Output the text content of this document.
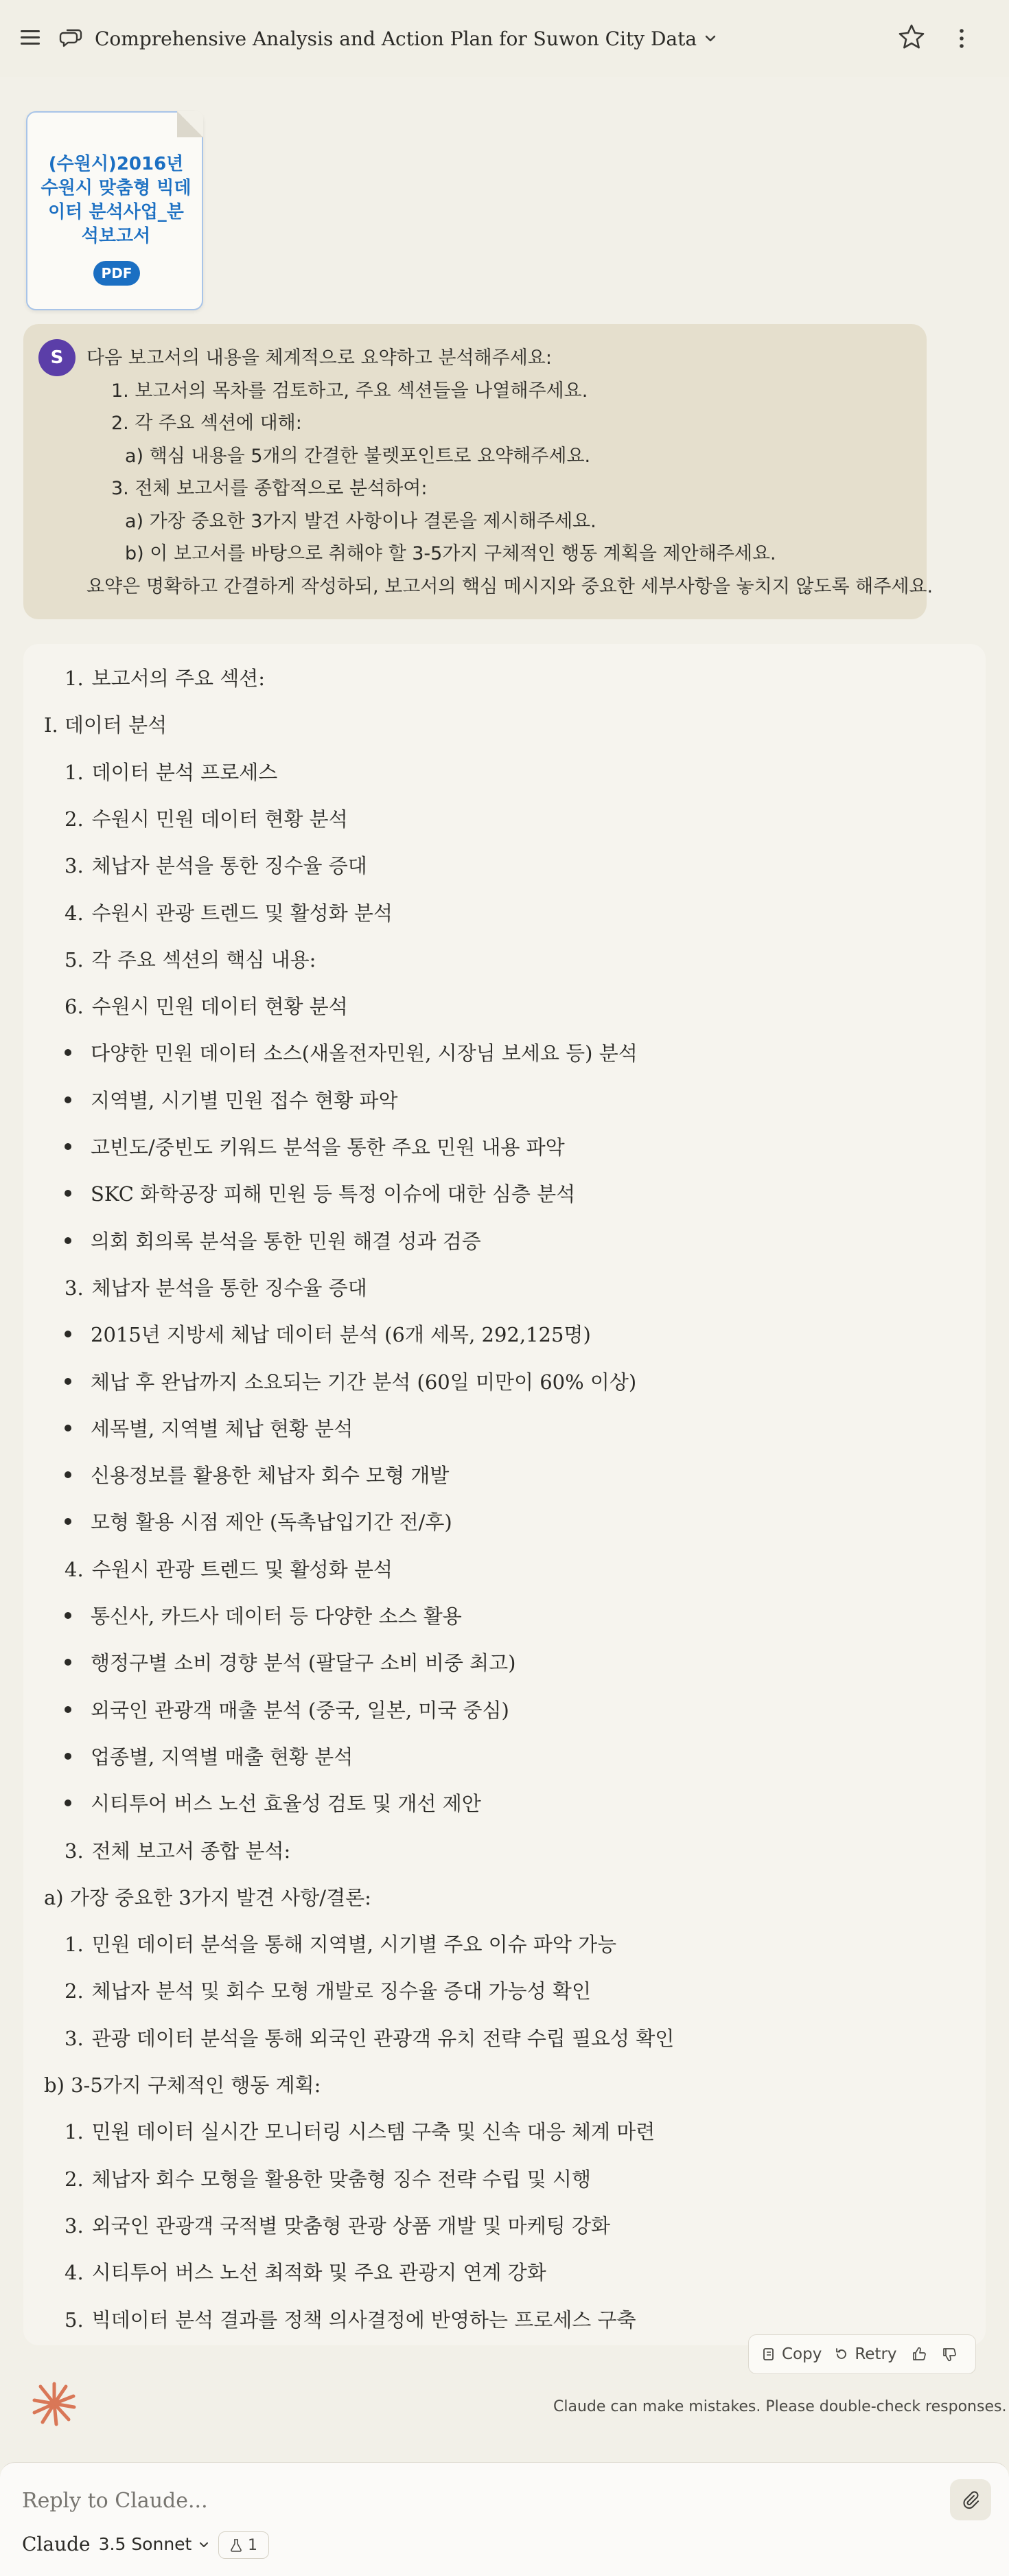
Comprehensive Analysis and Action Plan for Suwon City Data
(수원시)2016년 수원시 맞춤형 빅데이터 분석사업_분석보고서
PDF
S	다음 보고서의 내용을 체계적으로 요약하고 분석해주세요:
1. 보고서의 목차를 검토하고, 주요 섹션들을 나열해주세요.
2. 각 주요 섹션에 대해:
a) 핵심 내용을 5개의 간결한 불렛포인트로 요약해주세요.
3. 전체 보고서를 종합적으로 분석하여:
a) 가장 중요한 3가지 발견 사항이나 결론을 제시해주세요.
b) 이 보고서를 바탕으로 취해야 할 3-5가지 구체적인 행동 계획을 제안해주세요.
요약은 명확하고 간결하게 작성하되, 보고서의 핵심 메시지와 중요한 세부사항을 놓치지 않도록 해주세요.
1. 보고서의 주요 섹션:
I. 데이터 분석
1. 데이터 분석 프로세스
2. 수원시 민원 데이터 현황 분석
3. 체납자 분석을 통한 징수율 증대
4. 수원시 관광 트렌드 및 활성화 분석
5. 각 주요 섹션의 핵심 내용:
6. 수원시 민원 데이터 현황 분석
다양한 민원 데이터 소스(새올전자민원, 시장님 보세요 등) 분석
지역별, 시기별 민원 접수 현황 파악
고빈도/중빈도 키워드 분석을 통한 주요 민원 내용 파악
SKC 화학공장 피해 민원 등 특정 이슈에 대한 심층 분석
의회 회의록 분석을 통한 민원 해결 성과 검증
3. 체납자 분석을 통한 징수율 증대
2015년 지방세 체납 데이터 분석 (6개 세목, 292,125명)
체납 후 완납까지 소요되는 기간 분석 (60일 미만이 60% 이상)
세목별, 지역별 체납 현황 분석
신용정보를 활용한 체납자 회수 모형 개발
모형 활용 시점 제안 (독촉납입기간 전/후)
4. 수원시 관광 트렌드 및 활성화 분석
통신사, 카드사 데이터 등 다양한 소스 활용
행정구별 소비 경향 분석 (팔달구 소비 비중 최고)
외국인 관광객 매출 분석 (중국, 일본, 미국 중심)
업종별, 지역별 매출 현황 분석
시티투어 버스 노선 효율성 검토 및 개선 제안
3. 전체 보고서 종합 분석:
a) 가장 중요한 3가지 발견 사항/결론:
1. 민원 데이터 분석을 통해 지역별, 시기별 주요 이슈 파악 가능
2. 체납자 분석 및 회수 모형 개발로 징수율 증대 가능성 확인
3. 관광 데이터 분석을 통해 외국인 관광객 유치 전략 수립 필요성 확인
b) 3-5가지 구체적인 행동 계획:
1. 민원 데이터 실시간 모니터링 시스템 구축 및 신속 대응 체계 마련
2. 체납자 회수 모형을 활용한 맞춤형 징수 전략 수립 및 시행
3. 외국인 관광객 국적별 맞춤형 관광 상품 개발 및 마케팅 강화
4. 시티투어 버스 노선 최적화 및 주요 관광지 연계 강화
5. 빅데이터 분석 결과를 정책 의사결정에 반영하는 프로세스 구축
Copy Retry
Claude can make mistakes. Please double-check responses.
Reply to Claude...
Claude 3.5 Sonnet	1
